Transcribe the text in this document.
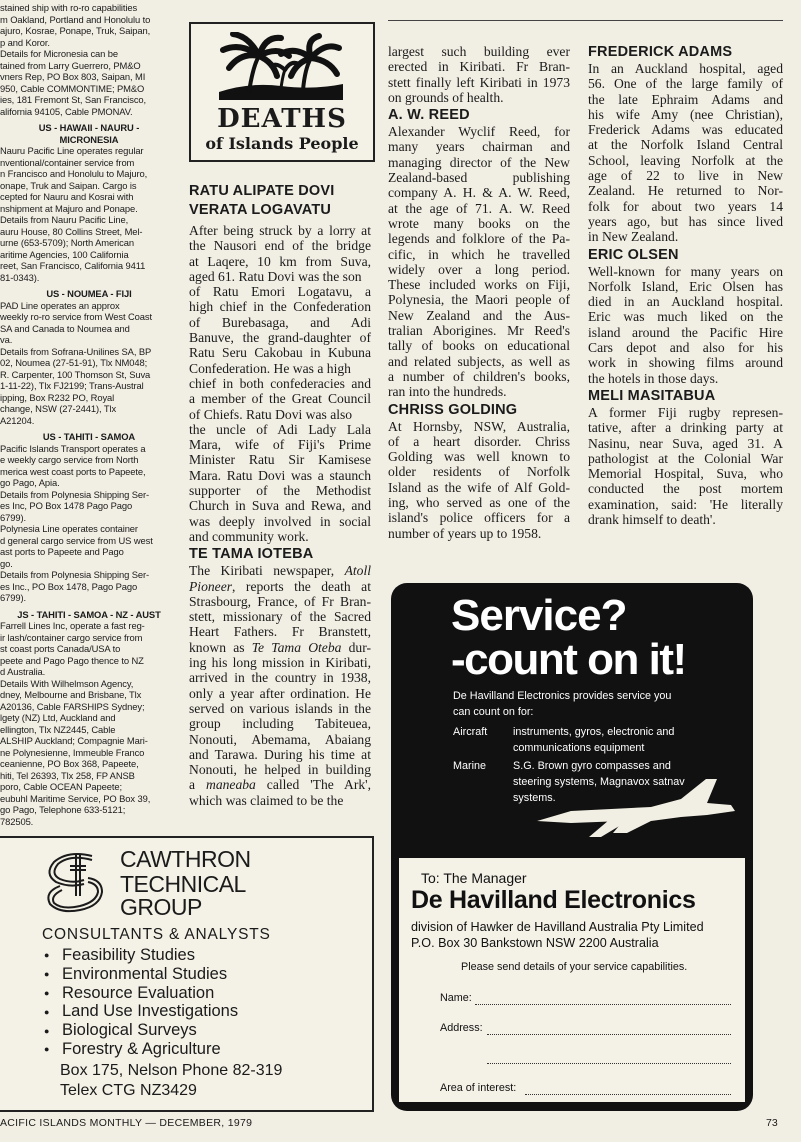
stained ship with ro-ro capabilities

m Oakland, Portland and Honolulu to

ajuro, Kosrae, Ponape, Truk, Saipan,

p and Koror.

Details for Micronesia can be

tained from Larry Guerrero, PM&O

vners Rep, PO Box 803, Saipan, MI

950, Cable COMMONTIME; PM&O

ies, 181 Fremont St, San Francisco,

alifornia 94105, Cable PMONAV.

US - HAWAII - NAURU -

MICRONESIA

Nauru Pacific Line operates regular

nventional/container service from

n Francisco and Honolulu to Majuro,

onape, Truk and Saipan. Cargo is

cepted for Nauru and Kosrai with

nshipment at Majuro and Ponape.

Details from Nauru Pacific Line,

auru House, 80 Collins Street, Mel-

urne (653-5709); North American

aritime Agencies, 100 California

reet, San Francisco, California 9411

81-0343).

US - NOUMEA - FIJI

PAD Line operates an approx

weekly ro-ro service from West Coast

SA and Canada to Noumea and

va.

Details from Sofrana-Unilines SA, BP

02, Noumea (27-51-91), Tlx NM048;

R. Carpenter, 100 Thomson St, Suva

1-11-22), Tlx FJ2199; Trans-Austral

ipping, Box R232 PO, Royal

change, NSW (27-2441), Tlx

A21204.

US - TAHITI - SAMOA

Pacific Islands Transport operates a

e weekly cargo service from North

merica west coast ports to Papeete,

go Pago, Apia.

Details from Polynesia Shipping Ser-

es Inc, PO Box 1478 Pago Pago

6799).

Polynesia Line operates container

d general cargo service from US west

ast ports to Papeete and Pago

go.

Details from Polynesia Shipping Ser-

es Inc., PO Box 1478, Pago Pago

6799).

JS - TAHITI - SAMOA - NZ - AUST

Farrell Lines Inc, operate a fast reg-

ir lash/container cargo service from

st coast ports Canada/USA to

peete and Pago Pago thence to NZ

d Australia.

Details With Wilhelmson Agency,

dney, Melbourne and Brisbane, Tlx

A20136, Cable FARSHIPS Sydney;

lgety (NZ) Ltd, Auckland and

ellington, Tlx NZ2445, Cable

ALSHIP Auckland; Compagnie Mari-

ne Polynesienne, Immeuble Franco

ceanienne, PO Box 368, Papeete,

hiti, Tel 26393, Tlx 258, FP ANSB

poro, Cable OCEAN Papeete;

eubuhl Maritime Service, PO Box 39,

go Pago, Telephone 633-5121;

782505.

DEATHS
of Islands People
RATU ALIPATE DOVI
VERATA LOGAVATU

After being struck by a lorry at

the Nausori end of the bridge

at Laqere, 10 km from Suva,

aged 61. Ratu Dovi was the son

of Ratu Emori Logatavu, a

high chief in the Confederation

of Burebasaga, and Adi

Banuve, the grand-daughter of

Ratu Seru Cakobau in Kubuna

Confederation. He was a high

chief in both confederacies and

a member of the Great Council

of Chiefs. Ratu Dovi was also

the uncle of Adi Lady Lala

Mara, wife of Fiji's Prime

Minister Ratu Sir Kamisese

Mara. Ratu Dovi was a staunch

supporter of the Methodist

Church in Suva and Rewa, and

was deeply involved in social

and community work.

TE TAMA IOTEBA

The Kiribati newspaper, Atoll

Pioneer, reports the death at

Strasbourg, France, of Fr Bran-

stett, missionary of the Sacred

Heart Fathers. Fr Branstett,

known as Te Tama Oteba dur-

ing his long mission in Kiribati,

arrived in the country in 1938,

only a year after ordination. He

served on various islands in the

group including Tabiteuea,

Nonouti, Abemama, Abaiang

and Tarawa. During his time at

Nonouti, he helped in building

a maneaba called 'The Ark',

which was claimed to be the

largest such building ever

erected in Kiribati. Fr Bran-

stett finally left Kiribati in 1973

on grounds of health.

A. W. REED

Alexander Wyclif Reed, for

many years chairman and

managing director of the New

Zealand-based publishing

company A. H. & A. W. Reed,

at the age of 71. A. W. Reed

wrote many books on the

legends and folklore of the Pa-

cific, in which he travelled

widely over a long period.

These included works on Fiji,

Polynesia, the Maori people of

New Zealand and the Aus-

tralian Aborigines. Mr Reed's

tally of books on educational

and related subjects, as well as

a number of children's books,

ran into the hundreds.

CHRISS GOLDING

At Hornsby, NSW, Australia,

of a heart disorder. Chriss

Golding was well known to

older residents of Norfolk

Island as the wife of Alf Gold-

ing, who served as one of the

island's police officers for a

number of years up to 1958.

FREDERICK ADAMS

In an Auckland hospital, aged

56. One of the large family of

the late Ephraim Adams and

his wife Amy (nee Christian),

Frederick Adams was educated

at the Norfolk Island Central

School, leaving Norfolk at the

age of 22 to live in New

Zealand. He returned to Nor-

folk for about two years 14

years ago, but has since lived

in New Zealand.

ERIC OLSEN

Well-known for many years on

Norfolk Island, Eric Olsen has

died in an Auckland hospital.

Eric was much liked on the

island around the Pacific Hire

Cars depot and also for his

work in showing films around

the hotels in those days.

MELI MASITABUA

A former Fiji rugby represen-

tative, after a drinking party at

Nasinu, near Suva, aged 31. A

pathologist at the Colonial War

Memorial Hospital, Suva, who

conducted the post mortem

examination, said: 'He literally

drank himself to death'.

Service?
-count on it!
De Havilland Electronics provides service you
can count on for:
Aircraft instruments, gyros, electronic and
communications equipment
Marine S.G. Brown gyro compasses and
steering systems, Magnavox satnav
systems.
To: The Manager
De Havilland Electronics
division of Hawker de Havilland Australia Pty Limited
P.O. Box 30 Bankstown NSW 2200 Australia
Please send details of your service capabilities.
Name:
Address:
Area of interest:
CAWTHRON
TECHNICAL
GROUP
CONSULTANTS & ANALYSTS
● Feasibility Studies
● Environmental Studies
● Resource Evaluation
● Land Use Investigations
● Biological Surveys
● Forestry & Agriculture
Box 175, Nelson Phone 82-319
Telex CTG NZ3429
ACIFIC ISLANDS MONTHLY — DECEMBER, 1979	73
